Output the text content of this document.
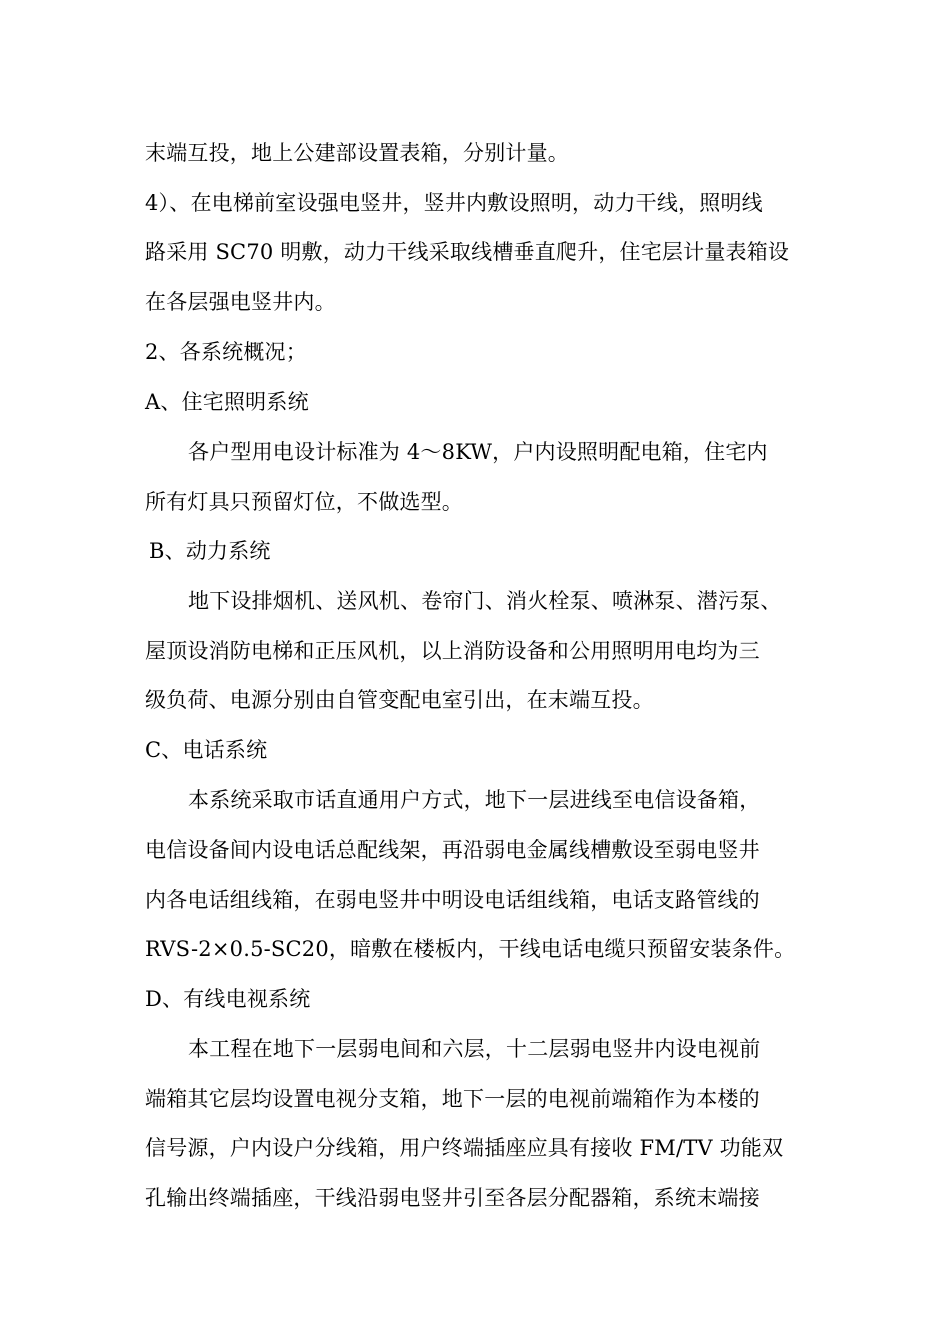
末端互投，地上公建部设置表箱，分别计量。
4）、在电梯前室设强电竖井，竖井内敷设照明，动力干线，照明线
路采用 SC70 明敷，动力干线采取线槽垂直爬升，住宅层计量表箱设
在各层强电竖井内。
2、各系统概况；
A、住宅照明系统
各户型用电设计标准为 4～8KW，户内设照明配电箱，住宅内
所有灯具只预留灯位，不做选型。
B、动力系统
地下设排烟机、送风机、卷帘门、消火栓泵、喷淋泵、潜污泵、
屋顶设消防电梯和正压风机，以上消防设备和公用照明用电均为三
级负荷、电源分别由自管变配电室引出，在末端互投。
C、电话系统
本系统采取市话直通用户方式，地下一层进线至电信设备箱，
电信设备间内设电话总配线架，再沿弱电金属线槽敷设至弱电竖井
内各电话组线箱，在弱电竖井中明设电话组线箱，电话支路管线的
RVS-2×0.5-SC20，暗敷在楼板内，干线电话电缆只预留安装条件。
D、有线电视系统
本工程在地下一层弱电间和六层，十二层弱电竖井内设电视前
端箱其它层均设置电视分支箱，地下一层的电视前端箱作为本楼的
信号源，户内设户分线箱，用户终端插座应具有接收 FM/TV 功能双
孔输出终端插座，干线沿弱电竖井引至各层分配器箱，系统末端接
